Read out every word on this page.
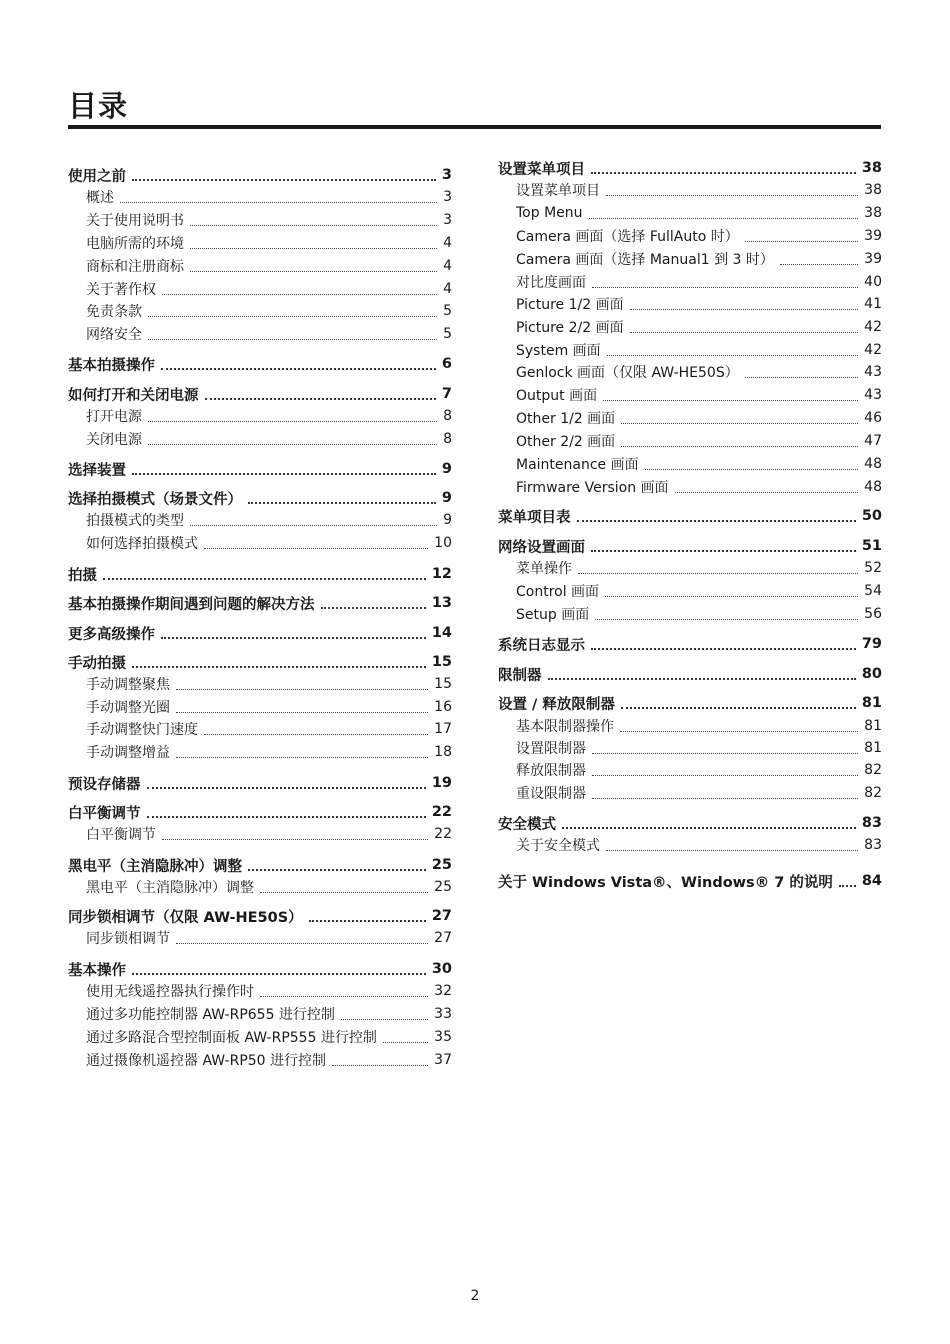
目录
使用之前	3
概述	3
关于使用说明书	3
电脑所需的环境	4
商标和注册商标	4
关于著作权	4
免责条款	5
网络安全	5
基本拍摄操作	6
如何打开和关闭电源	7
打开电源	8
关闭电源	8
选择装置	9
选择拍摄模式（场景文件）	9
拍摄模式的类型	9
如何选择拍摄模式	10
拍摄	12
基本拍摄操作期间遇到问题的解决方法	13
更多高级操作	14
手动拍摄	15
手动调整聚焦	15
手动调整光圈	16
手动调整快门速度	17
手动调整增益	18
预设存储器	19
白平衡调节	22
白平衡调节	22
黑电平（主消隐脉冲）调整	25
黑电平（主消隐脉冲）调整	25
同步锁相调节（仅限 AW-HE50S）	27
同步锁相调节	27
基本操作	30
使用无线遥控器执行操作时	32
通过多功能控制器 AW-RP655 进行控制	33
通过多路混合型控制面板 AW-RP555 进行控制	35
通过摄像机遥控器 AW-RP50 进行控制	37
设置菜单项目	38
设置菜单项目	38
Top Menu	38
Camera 画面（选择 FullAuto 时）	39
Camera 画面（选择 Manual1 到 3 时）	39
对比度画面	40
Picture 1/2 画面	41
Picture 2/2 画面	42
System 画面	42
Genlock 画面（仅限 AW-HE50S）	43
Output 画面	43
Other 1/2 画面	46
Other 2/2 画面	47
Maintenance 画面	48
Firmware Version 画面	48
菜单项目表	50
网络设置画面	51
菜单操作	52
Control 画面	54
Setup 画面	56
系统日志显示	79
限制器	80
设置 / 释放限制器	81
基本限制器操作	81
设置限制器	81
释放限制器	82
重设限制器	82
安全模式	83
关于安全模式	83
关于 Windows Vista®、Windows® 7 的说明 84
2
